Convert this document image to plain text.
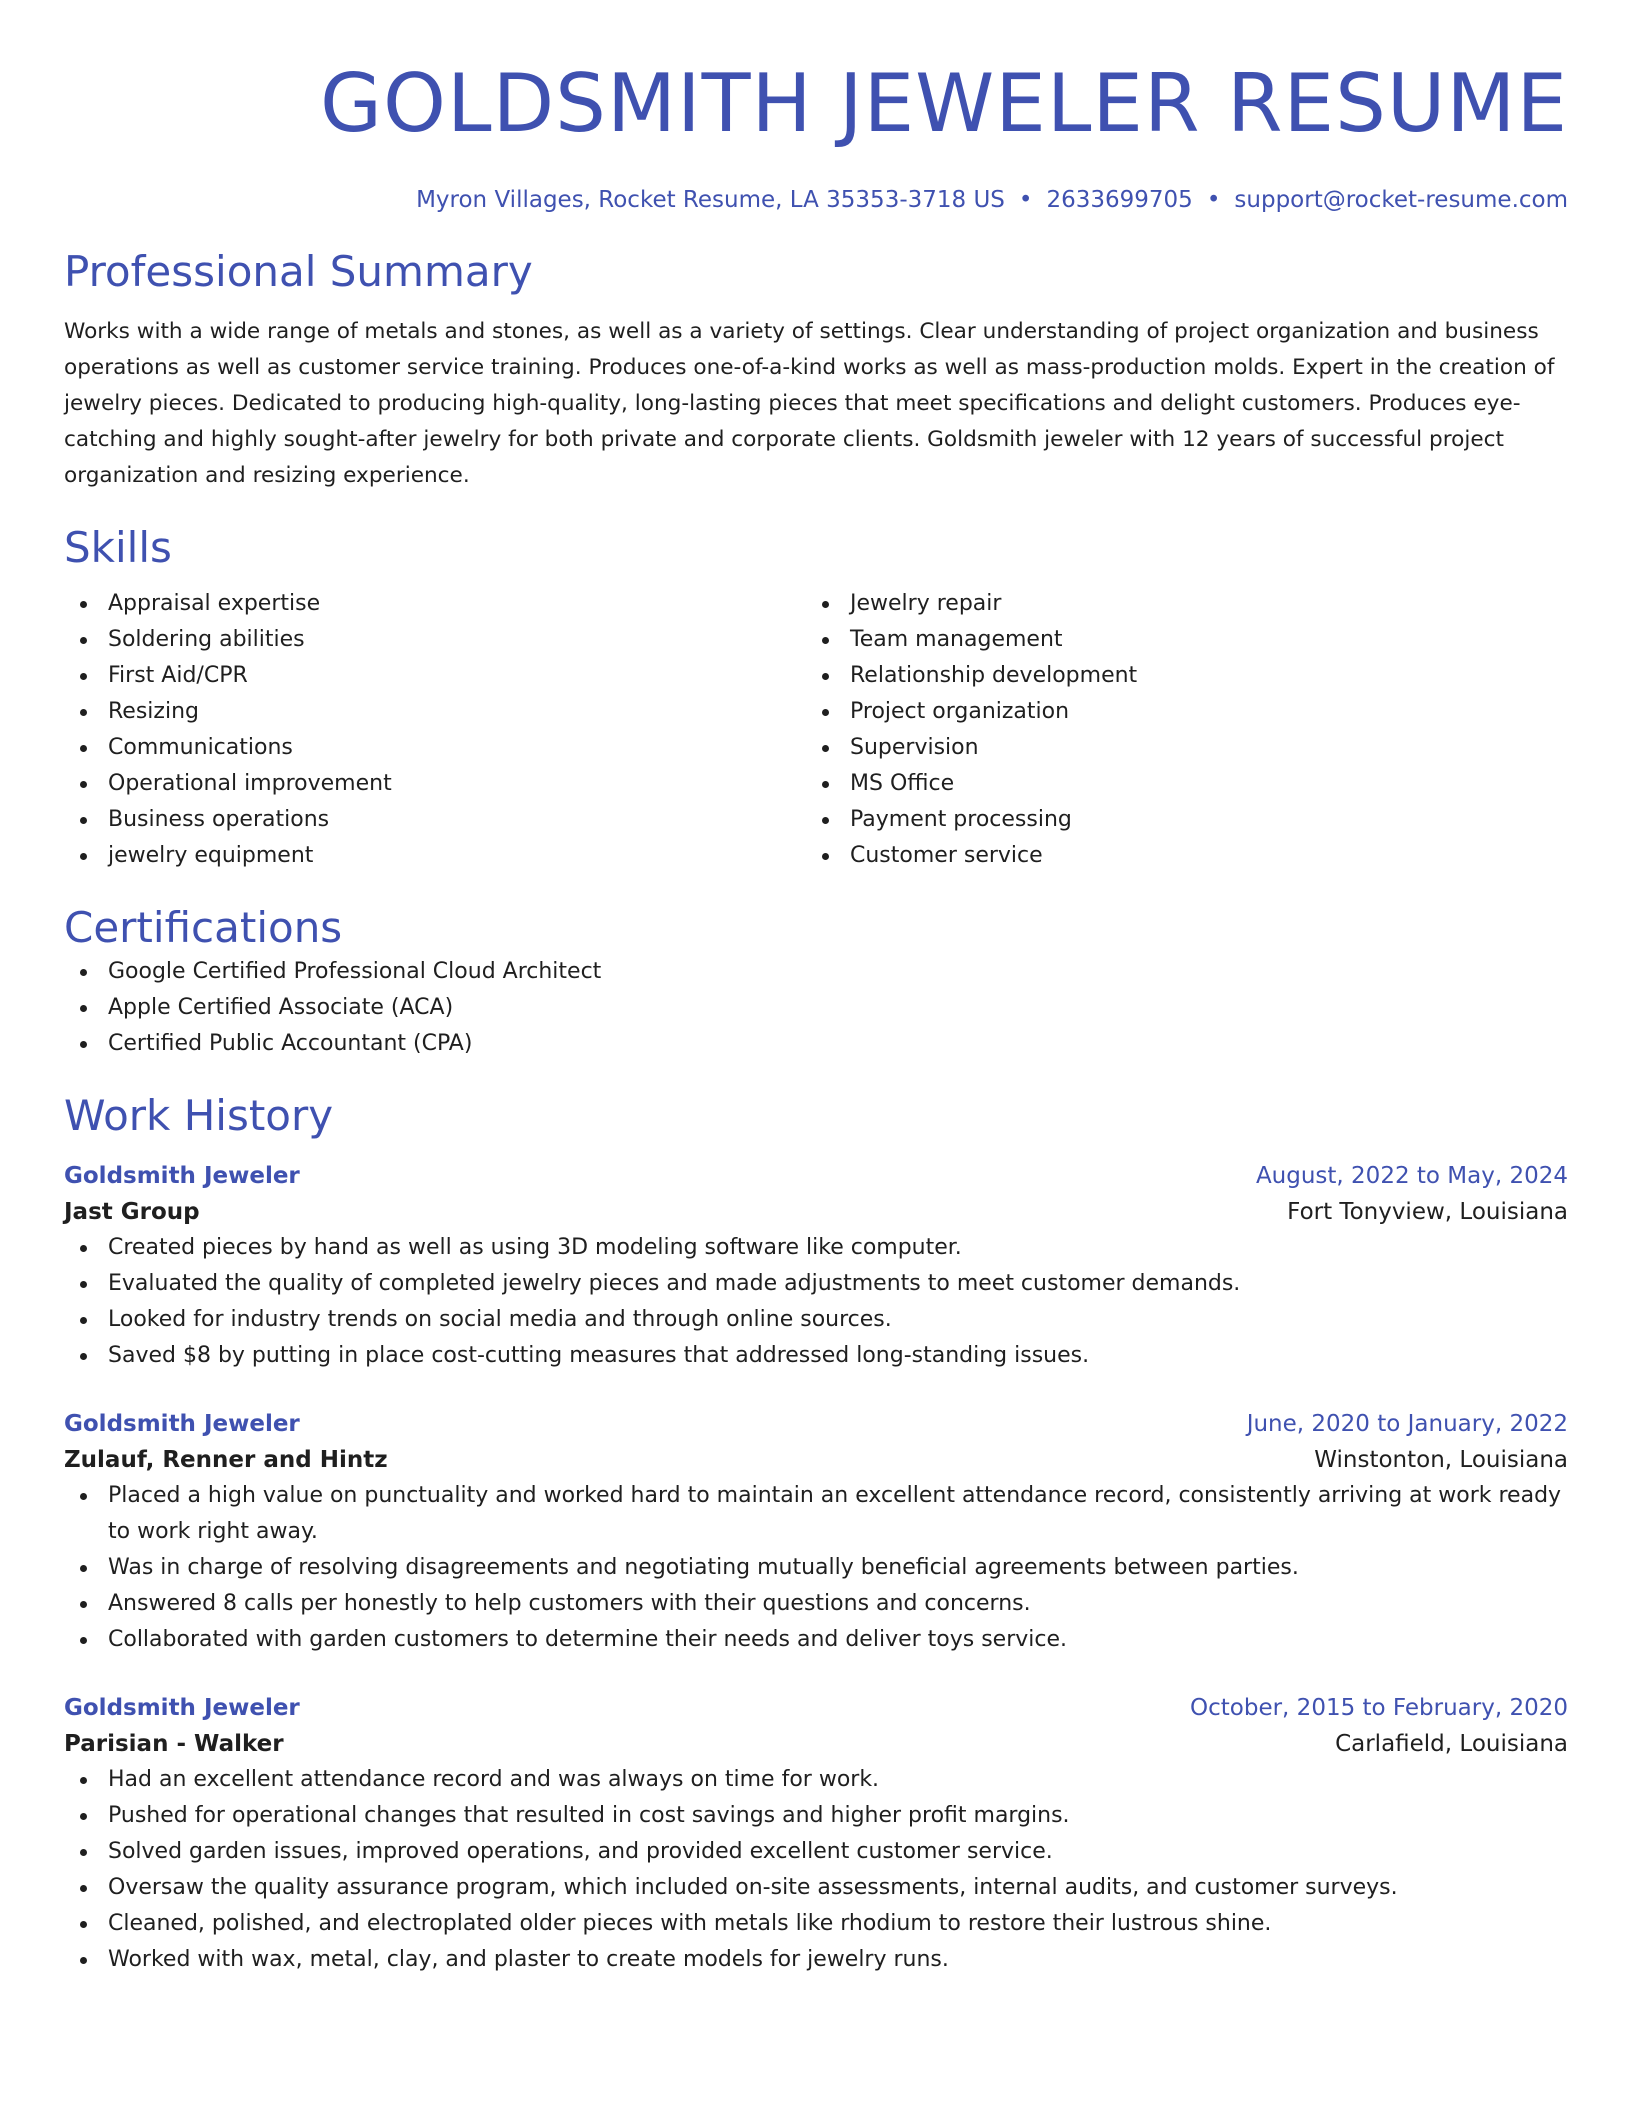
GOLDSMITH JEWELER RESUME
Myron Villages, Rocket Resume, LA 35353-3718 US • 2633699705 • support@rocket-resume.com
Professional Summary
Works with a wide range of metals and stones, as well as a variety of settings. Clear understanding of project organization and business operations as well as customer service training. Produces one-of-a-kind works as well as mass-production molds. Expert in the creation of jewelry pieces. Dedicated to producing high-quality, long-lasting pieces that meet specifications and delight customers. Produces eye-catching and highly sought-after jewelry for both private and corporate clients. Goldsmith jeweler with 12 years of successful project organization and resizing experience.
Skills
Appraisal expertise
Soldering abilities
First Aid/CPR
Resizing
Communications
Operational improvement
Business operations
jewelry equipment
Jewelry repair
Team management
Relationship development
Project organization
Supervision
MS Office
Payment processing
Customer service
Certifications
Google Certified Professional Cloud Architect
Apple Certified Associate (ACA)
Certified Public Accountant (CPA)
Work History
Goldsmith Jeweler	August, 2022 to May, 2024
Jast Group	Fort Tonyview, Louisiana
Created pieces by hand as well as using 3D modeling software like computer.
Evaluated the quality of completed jewelry pieces and made adjustments to meet customer demands.
Looked for industry trends on social media and through online sources.
Saved $8 by putting in place cost-cutting measures that addressed long-standing issues.
Goldsmith Jeweler	June, 2020 to January, 2022
Zulauf, Renner and Hintz	Winstonton, Louisiana
Placed a high value on punctuality and worked hard to maintain an excellent attendance record, consistently arriving at work ready to work right away.
Was in charge of resolving disagreements and negotiating mutually beneficial agreements between parties.
Answered 8 calls per honestly to help customers with their questions and concerns.
Collaborated with garden customers to determine their needs and deliver toys service.
Goldsmith Jeweler	October, 2015 to February, 2020
Parisian - Walker	Carlafield, Louisiana
Had an excellent attendance record and was always on time for work.
Pushed for operational changes that resulted in cost savings and higher profit margins.
Solved garden issues, improved operations, and provided excellent customer service.
Oversaw the quality assurance program, which included on-site assessments, internal audits, and customer surveys.
Cleaned, polished, and electroplated older pieces with metals like rhodium to restore their lustrous shine.
Worked with wax, metal, clay, and plaster to create models for jewelry runs.
